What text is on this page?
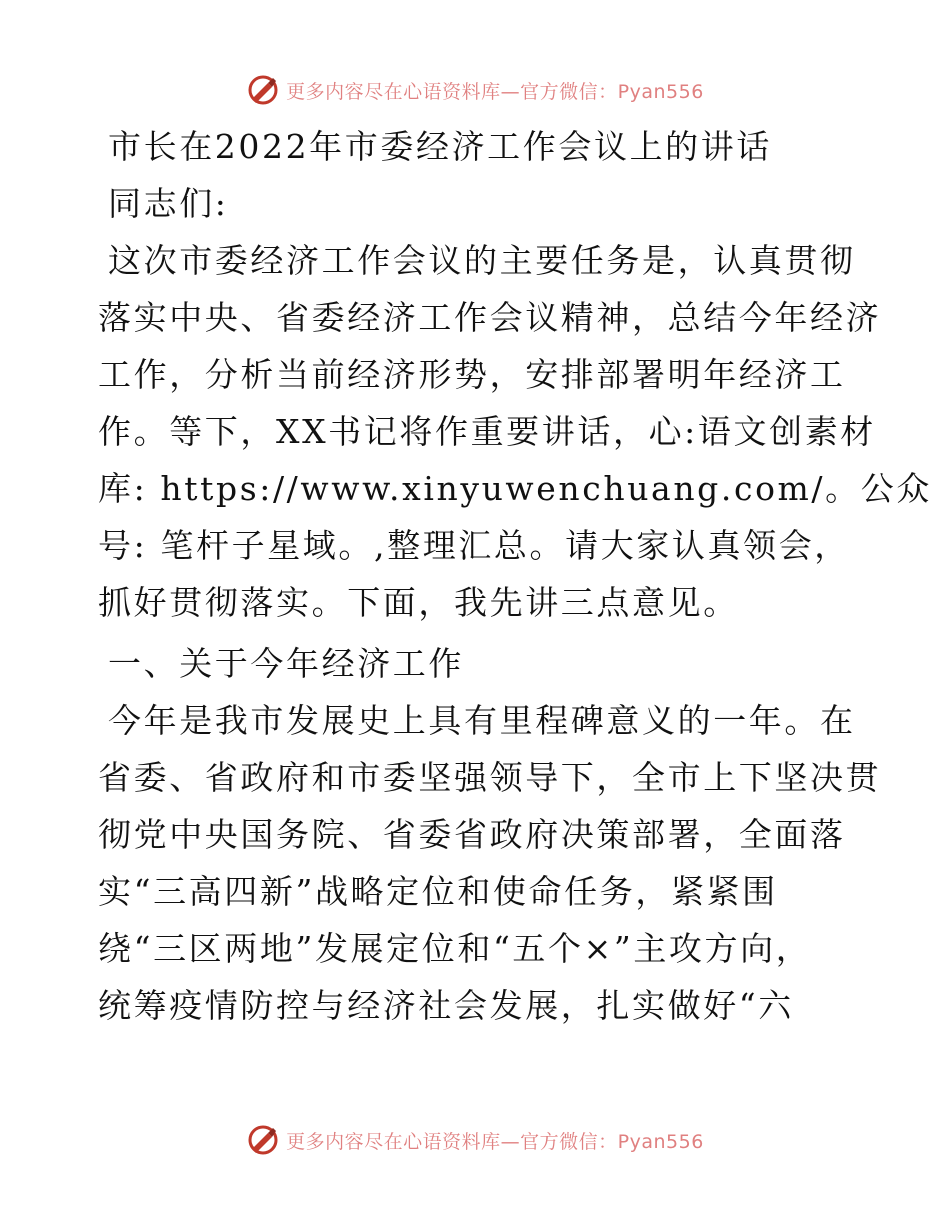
更多内容尽在心语资料库—官方微信：Pyan556

市长在2022年市委经济工作会议上的讲话

同志们:

这次市委经济工作会议的主要任务是，认真贯彻

落实中央、省委经济工作会议精神，总结今年经济

工作，分析当前经济形势，安排部署明年经济工

作。等下，XX书记将作重要讲话，心:语文创素材

库: https://www.xinyuwenchuang.com/。公众

号: 笔杆子星域。,整理汇总。请大家认真领会，

抓好贯彻落实。下面，我先讲三点意见。

一、关于今年经济工作

今年是我市发展史上具有里程碑意义的一年。在

省委、省政府和市委坚强领导下，全市上下坚决贯

彻党中央国务院、省委省政府决策部署，全面落

实“三高四新”战略定位和使命任务，紧紧围

绕“三区两地”发展定位和“五个×”主攻方向，

统筹疫情防控与经济社会发展，扎实做好“六

更多内容尽在心语资料库—官方微信：Pyan556
